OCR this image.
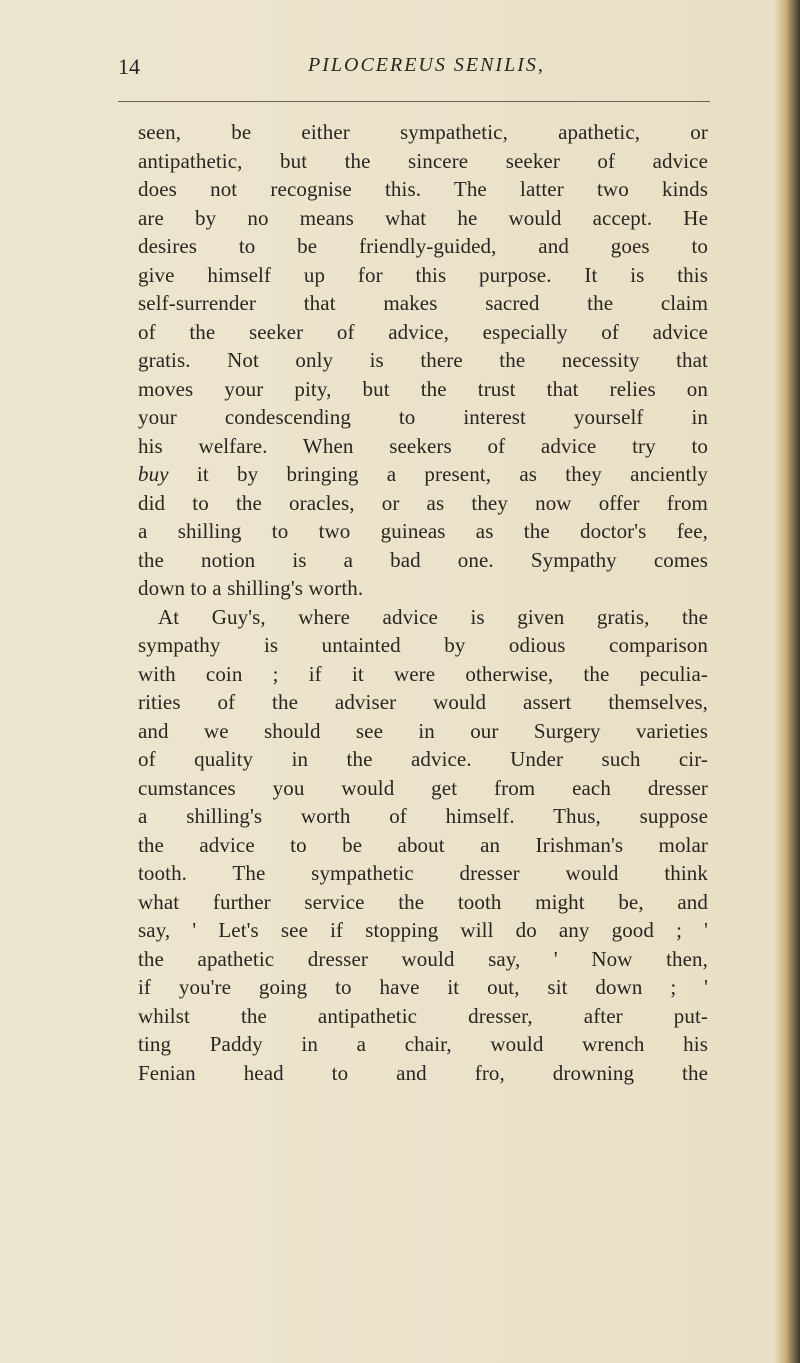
14	PILOCEREUS SENILIS,
seen, be either sympathetic, apathetic, or
antipathetic, but the sincere seeker of advice
does not recognise this. The latter two kinds
are by no means what he would accept. He
desires to be friendly-guided, and goes to
give himself up for this purpose. It is this
self-surrender that makes sacred the claim
of the seeker of advice, especially of advice
gratis. Not only is there the necessity that
moves your pity, but the trust that relies on
your condescending to interest yourself in
his welfare. When seekers of advice try to
buy it by bringing a present, as they anciently
did to the oracles, or as they now offer from
a shilling to two guineas as the doctor's fee,
the notion is a bad one. Sympathy comes
down to a shilling's worth.
At Guy's, where advice is given gratis, the
sympathy is untainted by odious comparison
with coin ; if it were otherwise, the peculia-
rities of the adviser would assert themselves,
and we should see in our Surgery varieties
of quality in the advice. Under such cir-
cumstances you would get from each dresser
a shilling's worth of himself. Thus, suppose
the advice to be about an Irishman's molar
tooth. The sympathetic dresser would think
what further service the tooth might be, and
say, ' Let's see if stopping will do any good ; '
the apathetic dresser would say, ' Now then,
if you're going to have it out, sit down ; '
whilst the antipathetic dresser, after put-
ting Paddy in a chair, would wrench his
Fenian head to and fro, drowning the
